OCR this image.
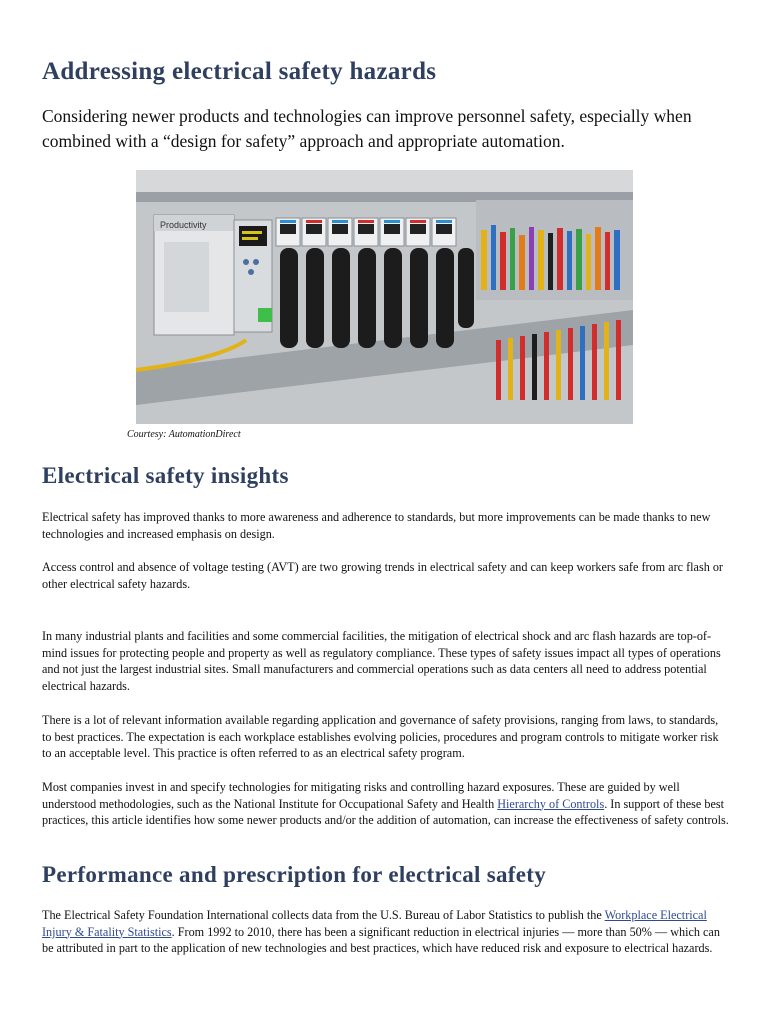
Addressing electrical safety hazards

Considering newer products and technologies can improve personnel safety, especially when combined with a “design for safety” approach and appropriate automation.

Productivity

Courtesy: AutomationDirect

Electrical safety insights

Electrical safety has improved thanks to more awareness and adherence to standards, but more improvements can be made thanks to new technologies and increased emphasis on design.

Access control and absence of voltage testing (AVT) are two growing trends in electrical safety and can keep workers safe from arc flash or other electrical safety hazards.

In many industrial plants and facilities and some commercial facilities, the mitigation of electrical shock and arc flash hazards are top-of-mind issues for protecting people and property as well as regulatory compliance. These types of safety issues impact all types of operations and not just the largest industrial sites. Small manufacturers and commercial operations such as data centers all need to address potential electrical hazards.

There is a lot of relevant information available regarding application and governance of safety provisions, ranging from laws, to standards, to best practices. The expectation is each workplace establishes evolving policies, procedures and program controls to mitigate worker risk to an acceptable level. This practice is often referred to as an electrical safety program.

Most companies invest in and specify technologies for mitigating risks and controlling hazard exposures. These are guided by well understood methodologies, such as the National Institute for Occupational Safety and Health Hierarchy of Controls. In support of these best practices, this article identifies how some newer products and/or the addition of automation, can increase the effectiveness of safety controls.

Performance and prescription for electrical safety

The Electrical Safety Foundation International collects data from the U.S. Bureau of Labor Statistics to publish the Workplace Electrical Injury & Fatality Statistics. From 1992 to 2010, there has been a significant reduction in electrical injuries — more than 50% — which can be attributed in part to the application of new technologies and best practices, which have reduced risk and exposure to electrical hazards.
